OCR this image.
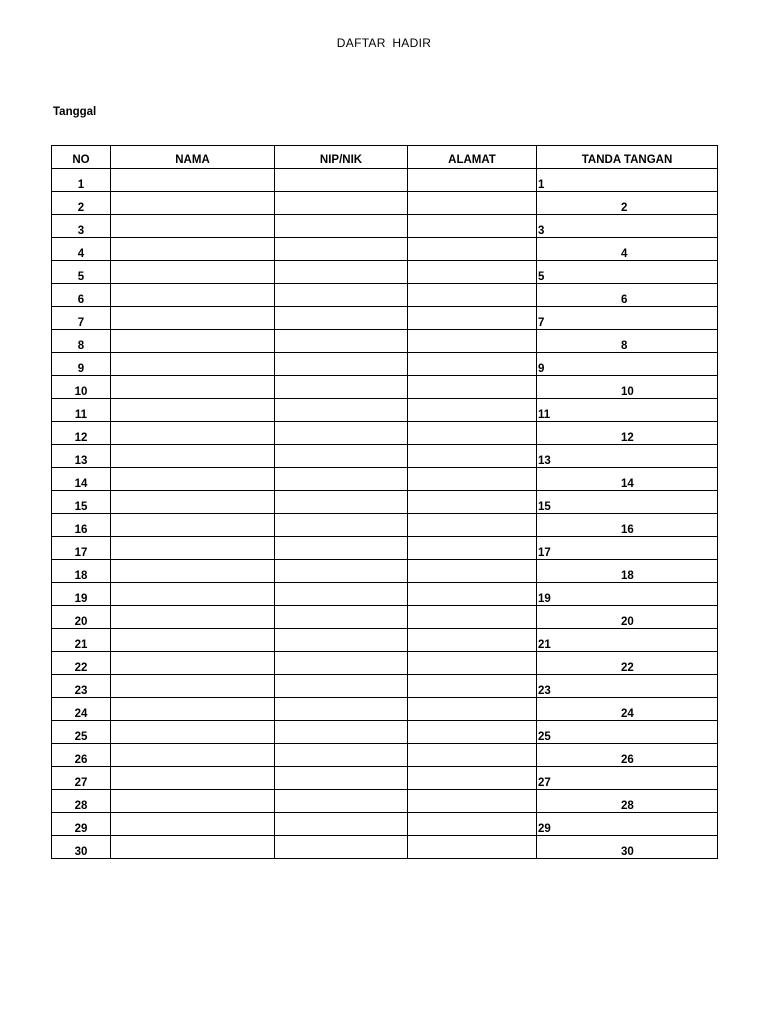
DAFTAR HADIR
Tanggal
NO	NAMA	NIP/NIK	ALAMAT	TANDA TANGAN
1				1
2				2
3				3
4				4
5				5
6				6
7				7
8				8
9				9
10				10
11				11
12				12
13				13
14				14
15				15
16				16
17				17
18				18
19				19
20				20
21				21
22				22
23				23
24				24
25				25
26				26
27				27
28				28
29				29
30				30
